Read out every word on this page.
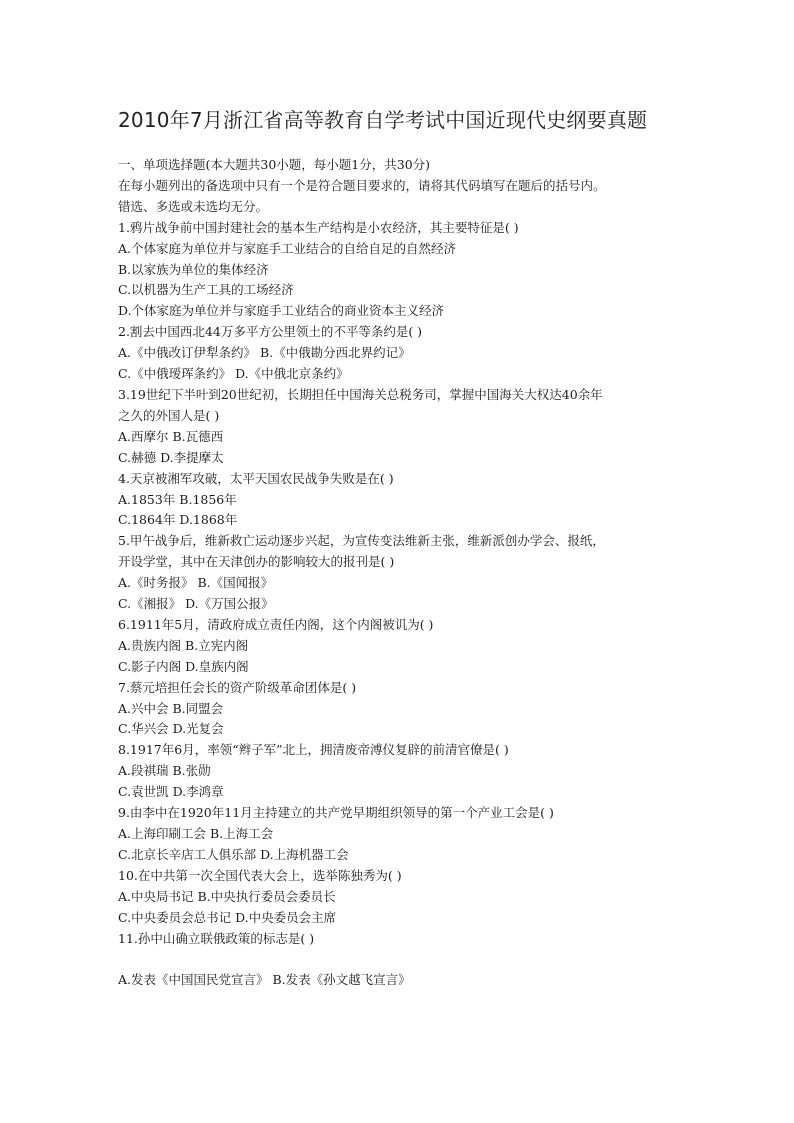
2010年7月浙江省高等教育自学考试中国近现代史纲要真题
一、单项选择题(本大题共30小题，每小题1分，共30分)
在每小题列出的备选项中只有一个是符合题目要求的，请将其代码填写在题后的括号内。
错选、多选或未选均无分。
1.鸦片战争前中国封建社会的基本生产结构是小农经济，其主要特征是( )
A.个体家庭为单位并与家庭手工业结合的自给自足的自然经济
B.以家族为单位的集体经济
C.以机器为生产工具的工场经济
D.个体家庭为单位并与家庭手工业结合的商业资本主义经济
2.割去中国西北44万多平方公里领土的不平等条约是( )
A.《中俄改订伊犁条约》 B.《中俄勘分西北界约记》
C.《中俄瑷珲条约》 D.《中俄北京条约》
3.19世纪下半叶到20世纪初，长期担任中国海关总税务司，掌握中国海关大权达40余年
之久的外国人是( )
A.西摩尔 B.瓦德西
C.赫德 D.李提摩太
4.天京被湘军攻破，太平天国农民战争失败是在( )
A.1853年 B.1856年
C.1864年 D.1868年
5.甲午战争后，维新救亡运动逐步兴起，为宣传变法维新主张，维新派创办学会、报纸，
开设学堂，其中在天津创办的影响较大的报刊是( )
A.《时务报》 B.《国闻报》
C.《湘报》 D.《万国公报》
6.1911年5月，清政府成立责任内阁，这个内阁被讥为( )
A.贵族内阁 B.立宪内阁
C.影子内阁 D.皇族内阁
7.蔡元培担任会长的资产阶级革命团体是( )
A.兴中会 B.同盟会
C.华兴会 D.光复会
8.1917年6月，率领“辫子军”北上，拥清废帝溥仪复辟的前清官僚是( )
A.段祺瑞 B.张勋
C.袁世凯 D.李鸿章
9.由李中在1920年11月主持建立的共产党早期组织领导的第一个产业工会是( )
A.上海印刷工会 B.上海工会
C.北京长辛店工人俱乐部 D.上海机器工会
10.在中共第一次全国代表大会上，选举陈独秀为( )
A.中央局书记 B.中央执行委员会委员长
C.中央委员会总书记 D.中央委员会主席
11.孙中山确立联俄政策的标志是( )
A.发表《中国国民党宣言》 B.发表《孙文越飞宣言》
